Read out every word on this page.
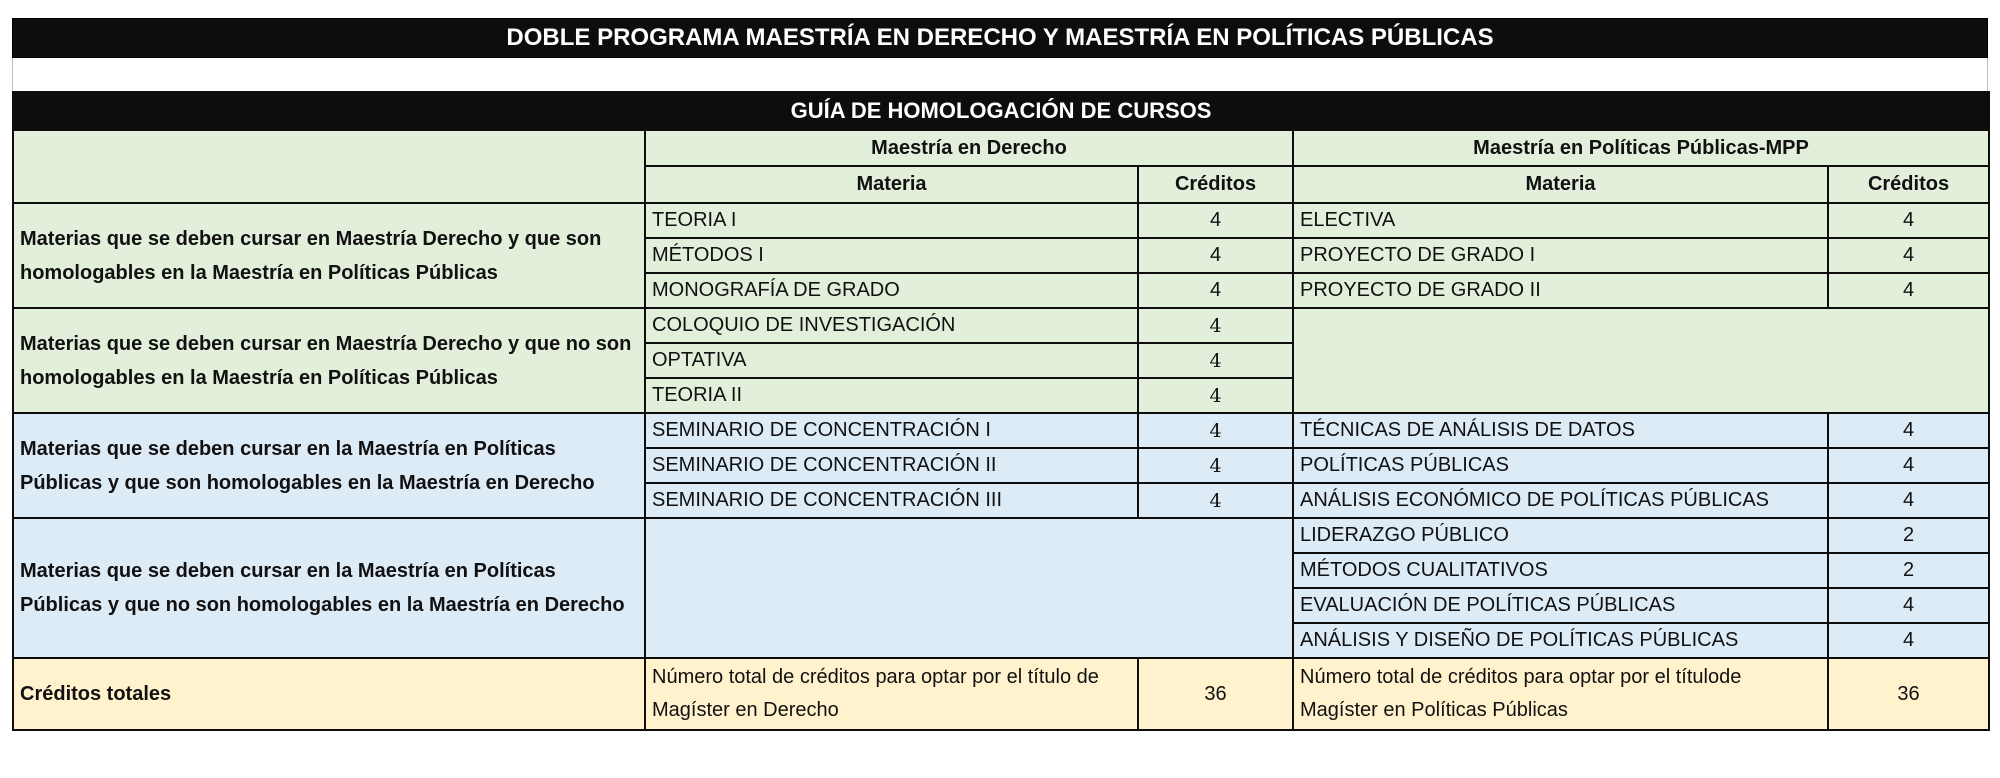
DOBLE PROGRAMA MAESTRÍA EN DERECHO Y MAESTRÍA EN POLÍTICAS PÚBLICAS
GUÍA DE HOMOLOGACIÓN DE CURSOS				
	Maestría en Derecho		Maestría en Políticas Públicas-MPP	
	Materia	Créditos	Materia	Créditos
Materias que se deben cursar en Maestría Derecho y que son homologables en la Maestría en Políticas Públicas	TEORIA I	4	ELECTIVA	4
	MÉTODOS I	4	PROYECTO DE GRADO I	4
	MONOGRAFÍA DE GRADO	4	PROYECTO DE GRADO II	4
Materias que se deben cursar en Maestría Derecho y que no son homologables en la Maestría en Políticas Públicas	COLOQUIO DE INVESTIGACIÓN	4		
	OPTATIVA	4		
	TEORIA II	4		
Materias que se deben cursar en la Maestría en Políticas Públicas y que son homologables en la Maestría en Derecho	SEMINARIO DE CONCENTRACIÓN I	4	TÉCNICAS DE ANÁLISIS DE DATOS	4
	SEMINARIO DE CONCENTRACIÓN II	4	POLÍTICAS PÚBLICAS	4
	SEMINARIO DE CONCENTRACIÓN III	4	ANÁLISIS ECONÓMICO DE POLÍTICAS PÚBLICAS	4
Materias que se deben cursar en la Maestría en Políticas Públicas y que no son homologables en la Maestría en Derecho			LIDERAZGO PÚBLICO	2
			MÉTODOS CUALITATIVOS	2
			EVALUACIÓN DE POLÍTICAS PÚBLICAS	4
			ANÁLISIS Y DISEÑO DE POLÍTICAS PÚBLICAS	4
Créditos totales	Número total de créditos para optar por el título de Magíster en Derecho	36	Número total de créditos para optar por el títulode Magíster en Políticas Públicas	36
